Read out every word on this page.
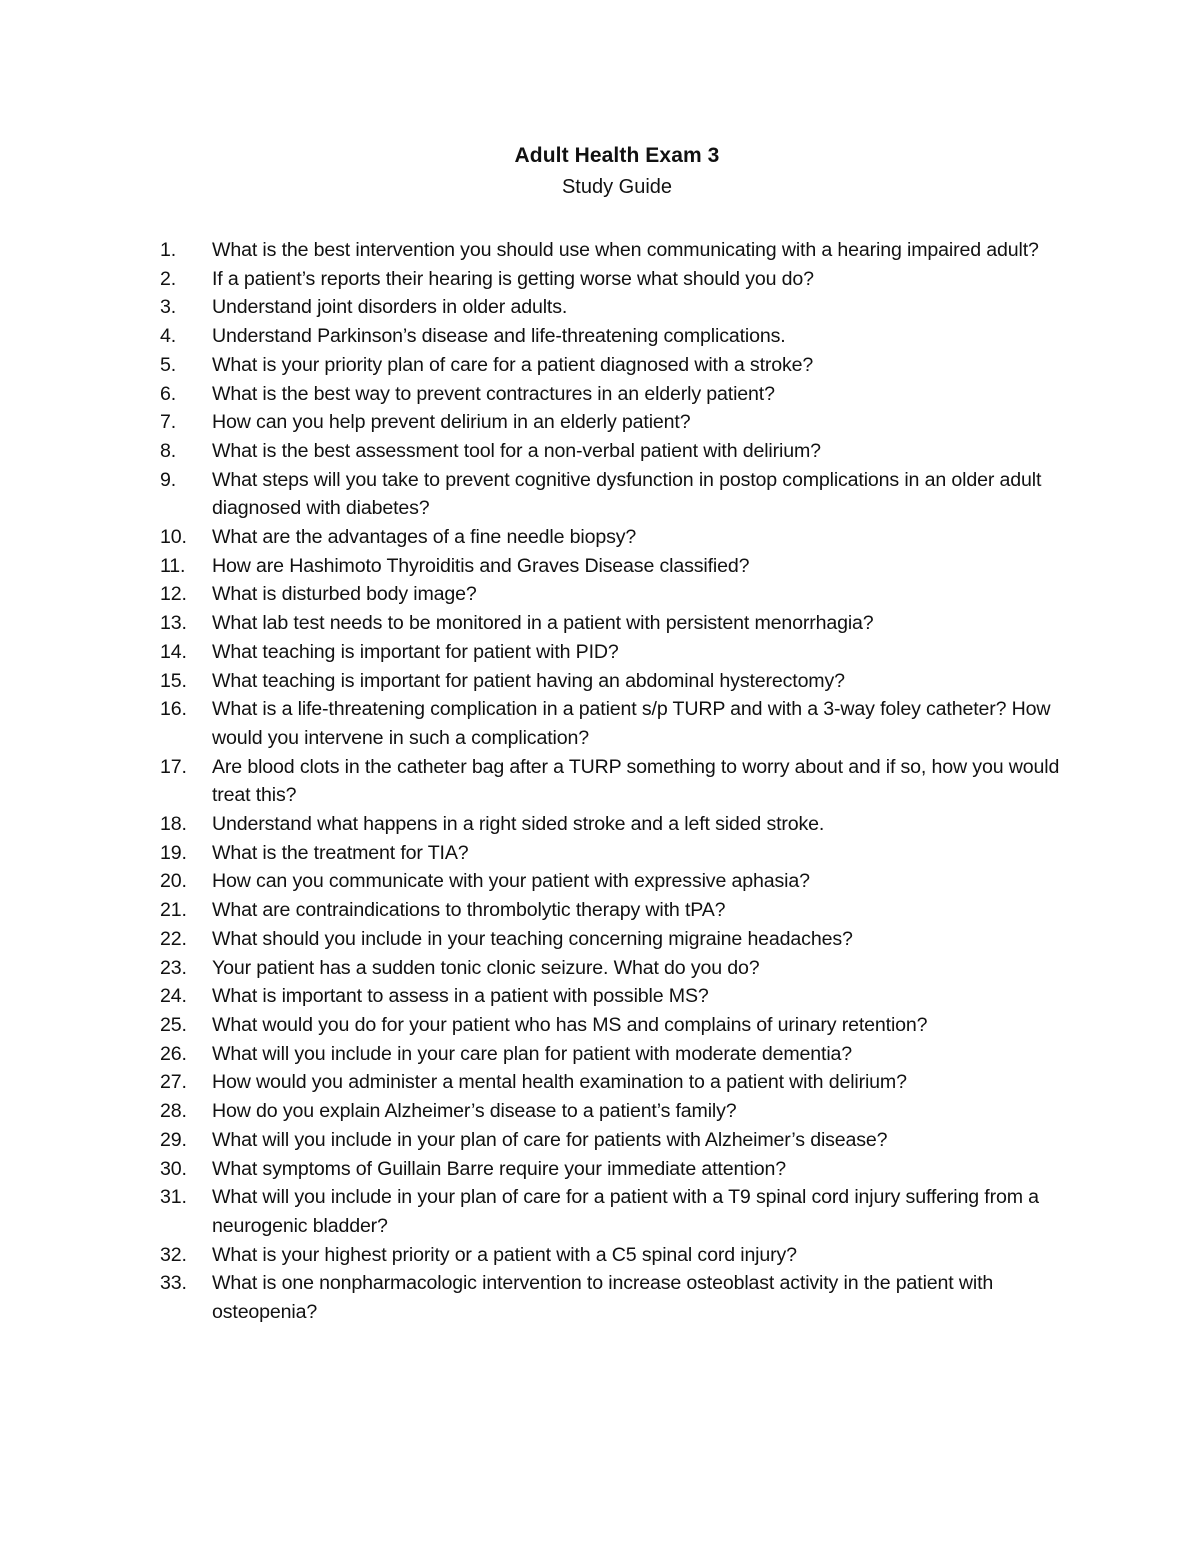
Adult Health Exam 3
Study Guide
1.	What is the best intervention you should use when communicating with a hearing impaired adult?
2.	If a patient’s reports their hearing is getting worse what should you do?
3.	Understand joint disorders in older adults.
4.	Understand Parkinson’s disease and life-threatening complications.
5.	What is your priority plan of care for a patient diagnosed with a stroke?
6.	What is the best way to prevent contractures in an elderly patient?
7.	How can you help prevent delirium in an elderly patient?
8.	What is the best assessment tool for a non-verbal patient with delirium?
9.	What steps will you take to prevent cognitive dysfunction in postop complications in an older adult diagnosed with diabetes?
10.	What are the advantages of a fine needle biopsy?
11.	How are Hashimoto Thyroiditis and Graves Disease classified?
12.	What is disturbed body image?
13.	What lab test needs to be monitored in a patient with persistent menorrhagia?
14.	What teaching is important for patient with PID?
15.	What teaching is important for patient having an abdominal hysterectomy?
16.	What is a life-threatening complication in a patient s/p TURP and with a 3-way foley catheter? How would you intervene in such a complication?
17.	Are blood clots in the catheter bag after a TURP something to worry about and if so, how you would treat this?
18.	Understand what happens in a right sided stroke and a left sided stroke.
19.	What is the treatment for TIA?
20.	How can you communicate with your patient with expressive aphasia?
21.	What are contraindications to thrombolytic therapy with tPA?
22.	What should you include in your teaching concerning migraine headaches?
23.	Your patient has a sudden tonic clonic seizure. What do you do?
24.	What is important to assess in a patient with possible MS?
25.	What would you do for your patient who has MS and complains of urinary retention?
26.	What will you include in your care plan for patient with moderate dementia?
27.	How would you administer a mental health examination to a patient with delirium?
28.	How do you explain Alzheimer’s disease to a patient’s family?
29.	What will you include in your plan of care for patients with Alzheimer’s disease?
30.	What symptoms of Guillain Barre require your immediate attention?
31.	What will you include in your plan of care for a patient with a T9 spinal cord injury suffering from a neurogenic bladder?
32.	What is your highest priority or a patient with a C5 spinal cord injury?
33.	What is one nonpharmacologic intervention to increase osteoblast activity in the patient with osteopenia?
